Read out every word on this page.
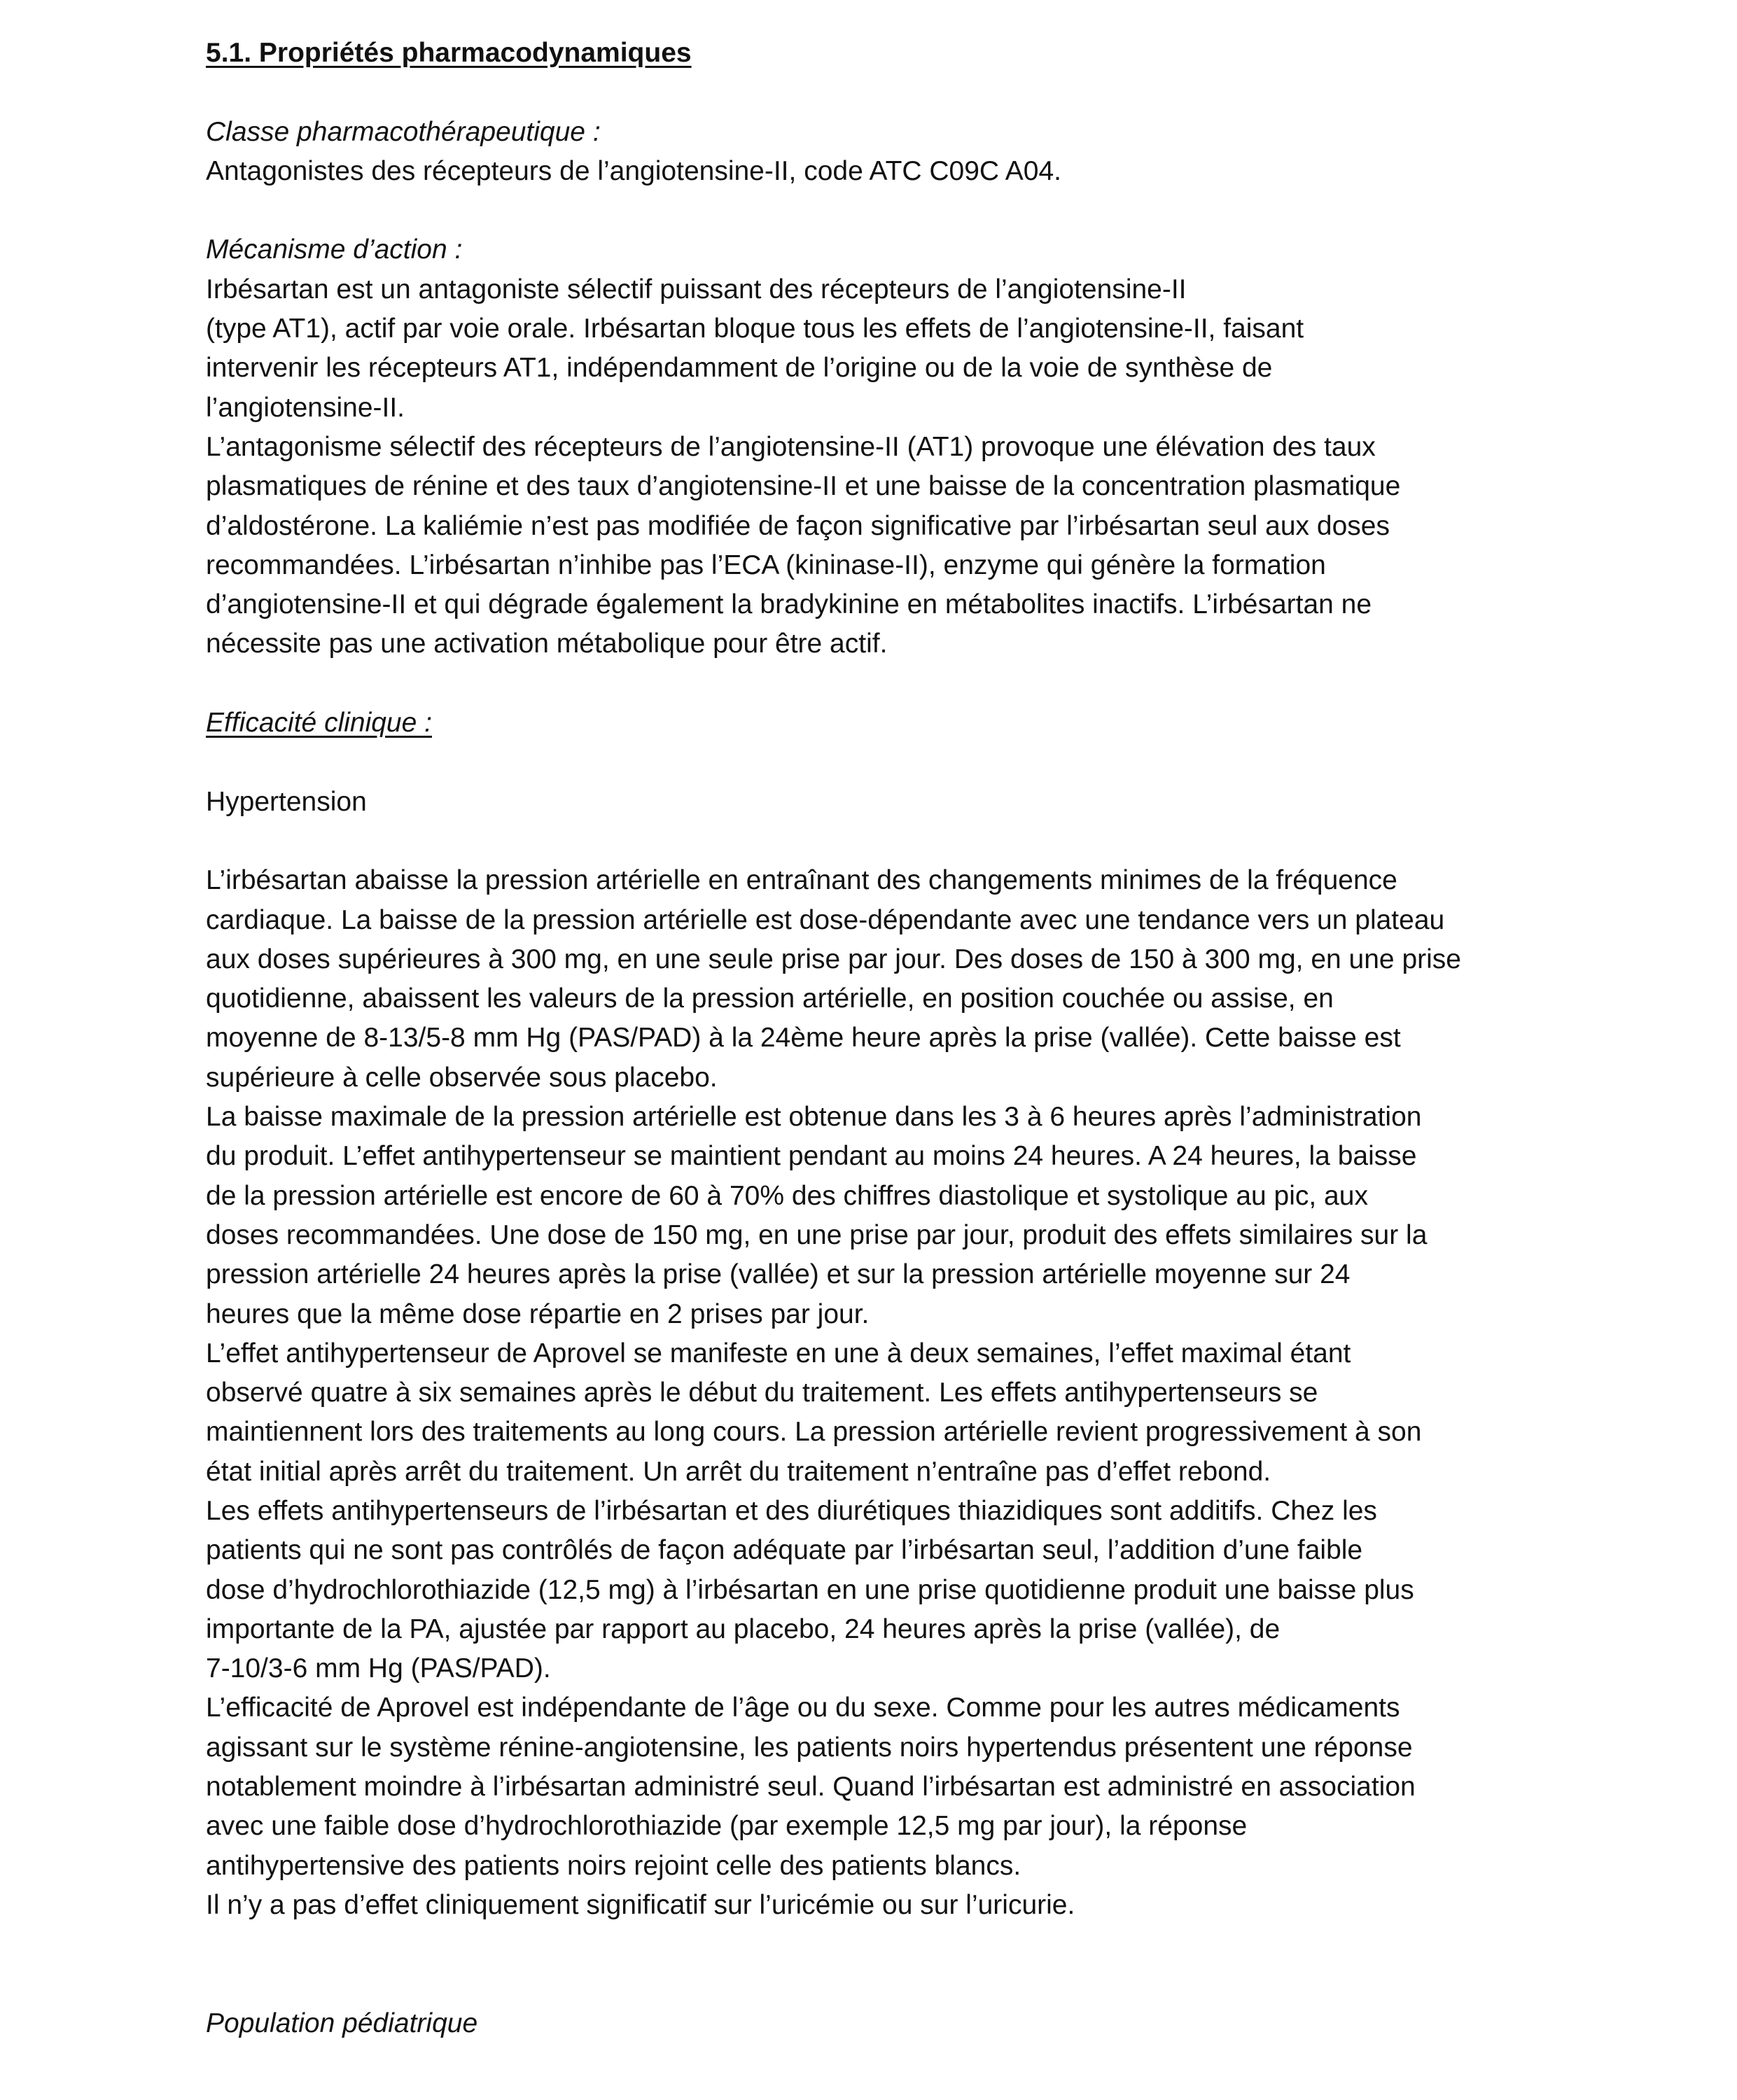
5.1. Propriétés pharmacodynamiques
Classe pharmacothérapeutique :
Antagonistes des récepteurs de l’angiotensine-II, code ATC C09C A04.
Mécanisme d’action :
Irbésartan est un antagoniste sélectif puissant des récepteurs de l’angiotensine-II
(type AT1), actif par voie orale. Irbésartan bloque tous les effets de l’angiotensine-II, faisant
intervenir les récepteurs AT1, indépendamment de l’origine ou de la voie de synthèse de
l’angiotensine-II.
L’antagonisme sélectif des récepteurs de l’angiotensine-II (AT1) provoque une élévation des taux
plasmatiques de rénine et des taux d’angiotensine-II et une baisse de la concentration plasmatique
d’aldostérone. La kaliémie n’est pas modifiée de façon significative par l’irbésartan seul aux doses
recommandées. L’irbésartan n’inhibe pas l’ECA (kininase-II), enzyme qui génère la formation
d’angiotensine-II et qui dégrade également la bradykinine en métabolites inactifs. L’irbésartan ne
nécessite pas une activation métabolique pour être actif.
Efficacité clinique :
Hypertension
L’irbésartan abaisse la pression artérielle en entraînant des changements minimes de la fréquence
cardiaque. La baisse de la pression artérielle est dose-dépendante avec une tendance vers un plateau
aux doses supérieures à 300 mg, en une seule prise par jour. Des doses de 150 à 300 mg, en une prise
quotidienne, abaissent les valeurs de la pression artérielle, en position couchée ou assise, en
moyenne de 8-13/5-8 mm Hg (PAS/PAD) à la 24ème heure après la prise (vallée). Cette baisse est
supérieure à celle observée sous placebo.
La baisse maximale de la pression artérielle est obtenue dans les 3 à 6 heures après l’administration
du produit. L’effet antihypertenseur se maintient pendant au moins 24 heures. A 24 heures, la baisse
de la pression artérielle est encore de 60 à 70% des chiffres diastolique et systolique au pic, aux
doses recommandées. Une dose de 150 mg, en une prise par jour, produit des effets similaires sur la
pression artérielle 24 heures après la prise (vallée) et sur la pression artérielle moyenne sur 24
heures que la même dose répartie en 2 prises par jour.
L’effet antihypertenseur de Aprovel se manifeste en une à deux semaines, l’effet maximal étant
observé quatre à six semaines après le début du traitement. Les effets antihypertenseurs se
maintiennent lors des traitements au long cours. La pression artérielle revient progressivement à son
état initial après arrêt du traitement. Un arrêt du traitement n’entraîne pas d’effet rebond.
Les effets antihypertenseurs de l’irbésartan et des diurétiques thiazidiques sont additifs. Chez les
patients qui ne sont pas contrôlés de façon adéquate par l’irbésartan seul, l’addition d’une faible
dose d’hydrochlorothiazide (12,5 mg) à l’irbésartan en une prise quotidienne produit une baisse plus
importante de la PA, ajustée par rapport au placebo, 24 heures après la prise (vallée), de
7-10/3-6 mm Hg (PAS/PAD).
L’efficacité de Aprovel est indépendante de l’âge ou du sexe. Comme pour les autres médicaments
agissant sur le système rénine-angiotensine, les patients noirs hypertendus présentent une réponse
notablement moindre à l’irbésartan administré seul. Quand l’irbésartan est administré en association
avec une faible dose d’hydrochlorothiazide (par exemple 12,5 mg par jour), la réponse
antihypertensive des patients noirs rejoint celle des patients blancs.
Il n’y a pas d’effet cliniquement significatif sur l’uricémie ou sur l’uricurie.
Population pédiatrique
